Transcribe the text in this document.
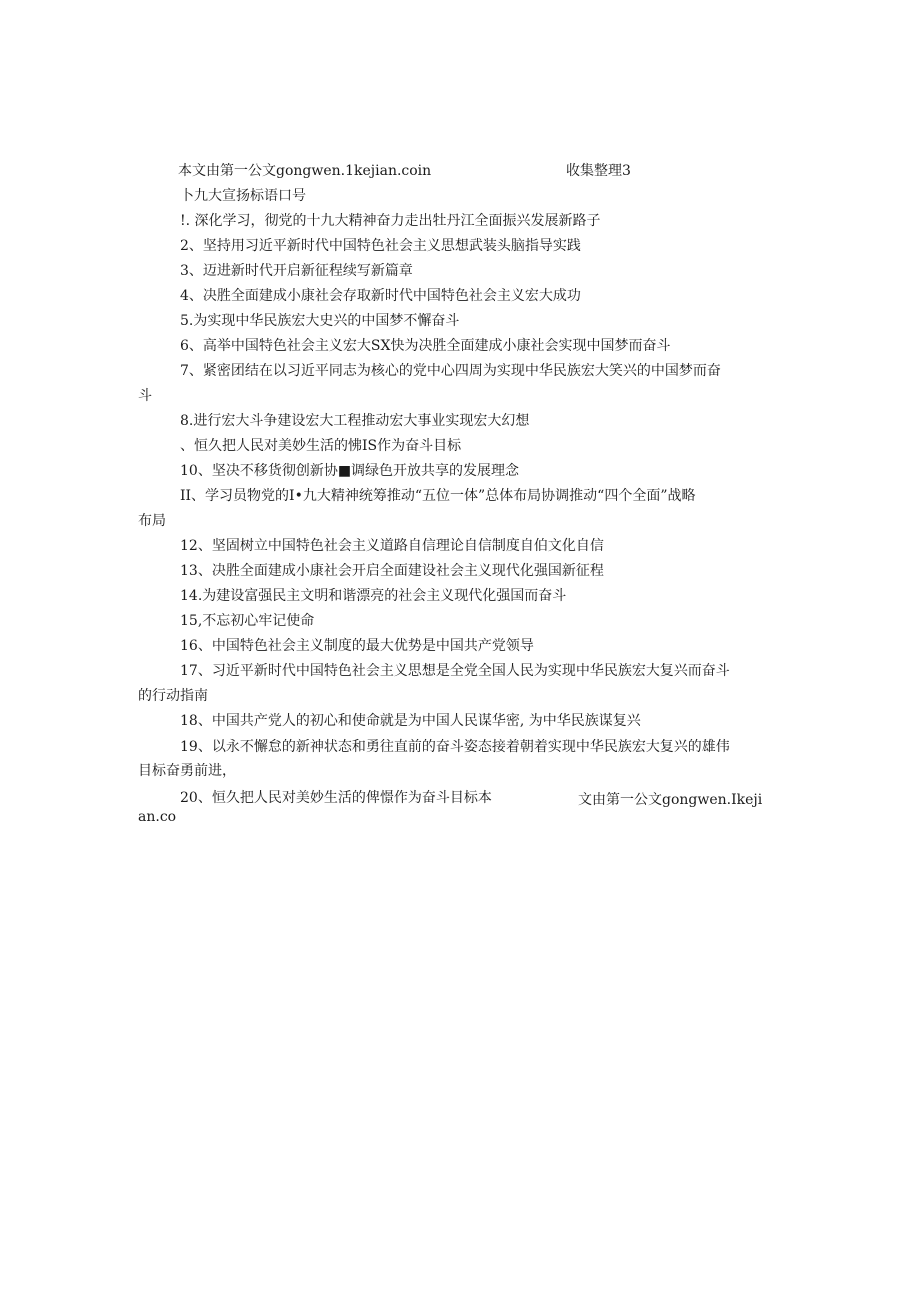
本文由第一公文gongwen.1kejian.coin	收集整理3
卜九大宣扬标语口号
!. 深化学习，彻党的十九大精神奋力走出牡丹江全面振兴发展新路子
2、坚持用习近平新时代中国特色社会主义思想武装头脑指导实践
3、迈进新时代开启新征程续写新篇章
4、决胜全面建成小康社会存取新时代中国特色社会主义宏大成功
5.为实现中华民族宏大史兴的中国梦不懈奋斗
6、高举中国特色社会主义宏大SX快为决胜全面建成小康社会实现中国梦而奋斗
7、紧密团结在以习近平同志为核心的党中心四周为实现中华民族宏大笑兴的中国梦而奋
斗
8.进行宏大斗争建设宏大工程推动宏大事业实现宏大幻想
、恒久把人民对美妙生活的怫IS作为奋斗目标
10、坚决不移货彻创新协■调绿色开放共享的发展理念
II、学习员物党的I•九大精神统筹推动“五位一体”总体布局协调推动“四个全面”战略
布局
12、坚固树立中国特色社会主义道路自信理论自信制度自伯文化自信
13、决胜全面建成小康社会开启全面建设社会主义现代化强国新征程
14.为建设富强民主文明和谐漂亮的社会主义现代化强国而奋斗
15,不忘初心牢记使命
16、中国特色社会主义制度的最大优势是中国共产党领导
17、习近平新时代中国特色社会主义思想是全党全国人民为实现中华民族宏大复兴而奋斗
的行动指南
18、中国共产党人的初心和使命就是为中国人民谋华密, 为中华民族谋复兴
19、以永不懈怠的新神状态和勇往直前的奋斗姿态接着朝着实现中华民族宏大复兴的雄伟
目标奋勇前进，
20、恒久把人民对美妙生活的俾憬作为奋斗目标本	文由第一公文gongwen.Ikeji
an.co
